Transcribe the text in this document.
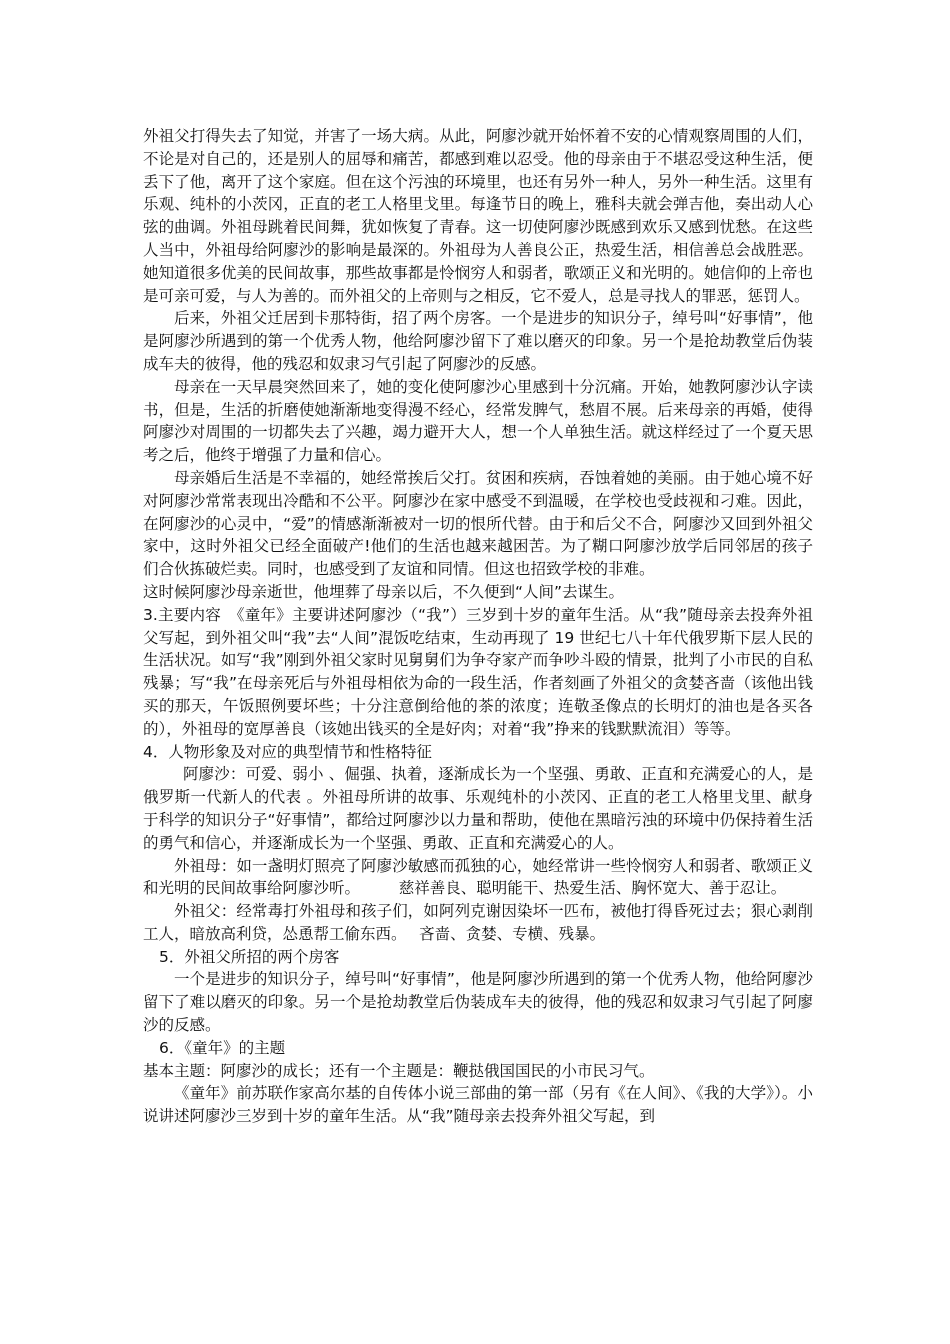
外祖父打得失去了知觉，并害了一场大病。从此，阿廖沙就开始怀着不安的心情观察周围的人们，不论是对自己的，还是别人的屈辱和痛苦，都感到难以忍受。他的母亲由于不堪忍受这种生活，便丢下了他，离开了这个家庭。但在这个污浊的环境里，也还有另外一种人，另外一种生活。这里有乐观、纯朴的小茨冈，正直的老工人格里戈里。每逢节日的晚上，雅科夫就会弹吉他，奏出动人心弦的曲调。外祖母跳着民间舞，犹如恢复了青春。这一切使阿廖沙既感到欢乐又感到忧愁。在这些人当中，外祖母给阿廖沙的影响是最深的。外祖母为人善良公正，热爱生活，相信善总会战胜恶。她知道很多优美的民间故事，那些故事都是怜悯穷人和弱者，歌颂正义和光明的。她信仰的上帝也是可亲可爱，与人为善的。而外祖父的上帝则与之相反，它不爱人，总是寻找人的罪恶，惩罚人。

后来，外祖父迁居到卡那特街，招了两个房客。一个是进步的知识分子，绰号叫“好事情”，他是阿廖沙所遇到的第一个优秀人物，他给阿廖沙留下了难以磨灭的印象。另一个是抢劫教堂后伪装成车夫的彼得，他的残忍和奴隶习气引起了阿廖沙的反感。

母亲在一天早晨突然回来了，她的变化使阿廖沙心里感到十分沉痛。开始，她教阿廖沙认字读书，但是，生活的折磨使她渐渐地变得漫不经心，经常发脾气，愁眉不展。后来母亲的再婚，使得阿廖沙对周围的一切都失去了兴趣，竭力避开大人，想一个人单独生活。就这样经过了一个夏天思考之后，他终于增强了力量和信心。

母亲婚后生活是不幸福的，她经常挨后父打。贫困和疾病，吞蚀着她的美丽。由于她心境不好对阿廖沙常常表现出冷酷和不公平。阿廖沙在家中感受不到温暖，在学校也受歧视和刁难。因此，在阿廖沙的心灵中，“爱”的情感渐渐被对一切的恨所代替。由于和后父不合，阿廖沙又回到外祖父家中，这时外祖父已经全面破产!他们的生活也越来越困苦。为了糊口阿廖沙放学后同邻居的孩子们合伙拣破烂卖。同时，也感受到了友谊和同情。但这也招致学校的非难。

这时候阿廖沙母亲逝世，他埋葬了母亲以后，不久便到“人间”去谋生。

3.主要内容　《童年》主要讲述阿廖沙（“我”）三岁到十岁的童年生活。从“我”随母亲去投奔外祖父写起，到外祖父叫“我”去“人间”混饭吃结束，生动再现了 19 世纪七八十年代俄罗斯下层人民的生活状况。如写“我”刚到外祖父家时见舅舅们为争夺家产而争吵斗殴的情景，批判了小市民的自私残暴；写“我”在母亲死后与外祖母相依为命的一段生活，作者刻画了外祖父的贪婪吝啬（该他出钱买的那天，午饭照例要坏些；十分注意倒给他的茶的浓度；连敬圣像点的长明灯的油也是各买各的），外祖母的宽厚善良（该她出钱买的全是好肉；对着“我”挣来的钱默默流泪）等等。

4．人物形象及对应的典型情节和性格特征

阿廖沙：可爱、弱小 、倔强、执着，逐渐成长为一个坚强、勇敢、正直和充满爱心的人，是俄罗斯一代新人的代表 。外祖母所讲的故事、乐观纯朴的小茨冈、正直的老工人格里戈里、献身于科学的知识分子“好事情”，都给过阿廖沙以力量和帮助，使他在黑暗污浊的环境中仍保持着生活的勇气和信心，并逐渐成长为一个坚强、勇敢、正直和充满爱心的人。

外祖母：如一盏明灯照亮了阿廖沙敏感而孤独的心，她经常讲一些怜悯穷人和弱者、歌颂正义和光明的民间故事给阿廖沙听。　　　慈祥善良、聪明能干、热爱生活、胸怀宽大、善于忍让。

外祖父：经常毒打外祖母和孩子们，如阿列克谢因染坏一匹布，被他打得昏死过去；狠心剥削工人，暗放高利贷，怂恿帮工偷东西。　 吝啬、贪婪、专横、残暴。

5．外祖父所招的两个房客

一个是进步的知识分子，绰号叫“好事情”，他是阿廖沙所遇到的第一个优秀人物，他给阿廖沙留下了难以磨灭的印象。另一个是抢劫教堂后伪装成车夫的彼得，他的残忍和奴隶习气引起了阿廖沙的反感。

6．《童年》的主题

基本主题：阿廖沙的成长；还有一个主题是：鞭挞俄国国民的小市民习气。

《童年》前苏联作家高尔基的自传体小说三部曲的第一部（另有《在人间》、《我的大学》）。小说讲述阿廖沙三岁到十岁的童年生活。从“我”随母亲去投奔外祖父写起，到
